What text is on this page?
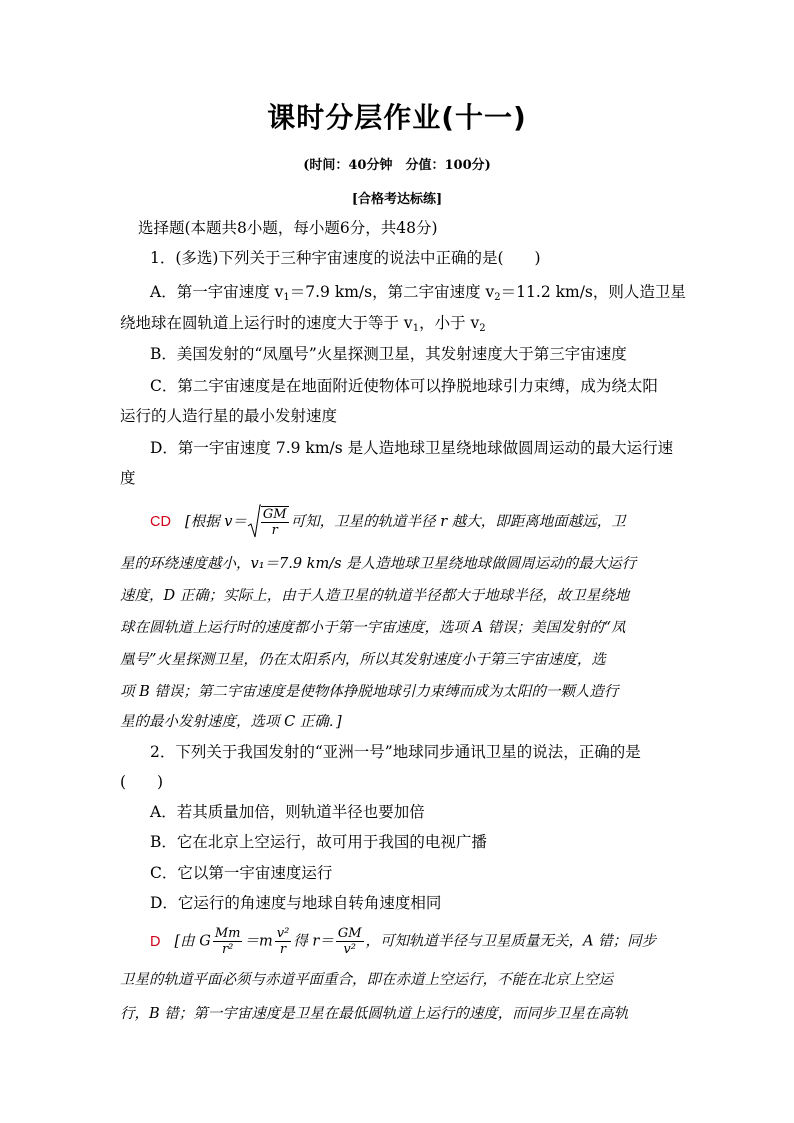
课时分层作业(十一)
(时间：40分钟　分值：100分)
[合格考达标练]
选择题(本题共8小题，每小题6分，共48分)
1．(多选)下列关于三种宇宙速度的说法中正确的是(　　)
A．第一宇宙速度 $v_1=7.9$ km/s，第二宇宙速度 $v_2=11.2$ km/s，则人造卫星
绕地球在圆轨道上运行时的速度大于等于 $v_1$，小于 $v_2$
B．美国发射的“凤凰号”火星探测卫星，其发射速度大于第三宇宙速度
C．第二宇宙速度是在地面附近使物体可以挣脱地球引力束缚，成为绕太阳
运行的人造行星的最小发射速度
D．第一宇宙速度 7.9 km/s 是人造地球卫星绕地球做圆周运动的最大运行速
度
CD [根据 $v= \frac{GM}{r}$ 可知，卫星的轨道半径 r 越大，即距离地面越远，卫
星的环绕速度越小，v₁＝7.9 km/s 是人造地球卫星绕地球做圆周运动的最大运行
速度，D 正确；实际上，由于人造卫星的轨道半径都大于地球半径，故卫星绕地
球在圆轨道上运行时的速度都小于第一宇宙速度，选项 A 错误；美国发射的“凤
凰号”火星探测卫星，仍在太阳系内，所以其发射速度小于第三宇宙速度，选
项 B 错误；第二宇宙速度是使物体挣脱地球引力束缚而成为太阳的一颗人造行
星的最小发射速度，选项 C 正确．]
2．下列关于我国发射的“亚洲一号”地球同步通讯卫星的说法，正确的是
(　　)
A．若其质量加倍，则轨道半径也要加倍
B．它在北京上空运行，故可用于我国的电视广播
C．它以第一宇宙速度运行
D．它运行的角速度与地球自转角速度相同
D [由 G $\frac{Mm}{\text{r²}} =m \frac{\text{v²}}{r}$ 得 $r= \frac{GM}{\text{v²}}$ ，可知轨道半径与卫星质量无关，A 错；同步
卫星的轨道平面必须与赤道平面重合，即在赤道上空运行，不能在北京上空运
行，B 错；第一宇宙速度是卫星在最低圆轨道上运行的速度，而同步卫星在高轨
